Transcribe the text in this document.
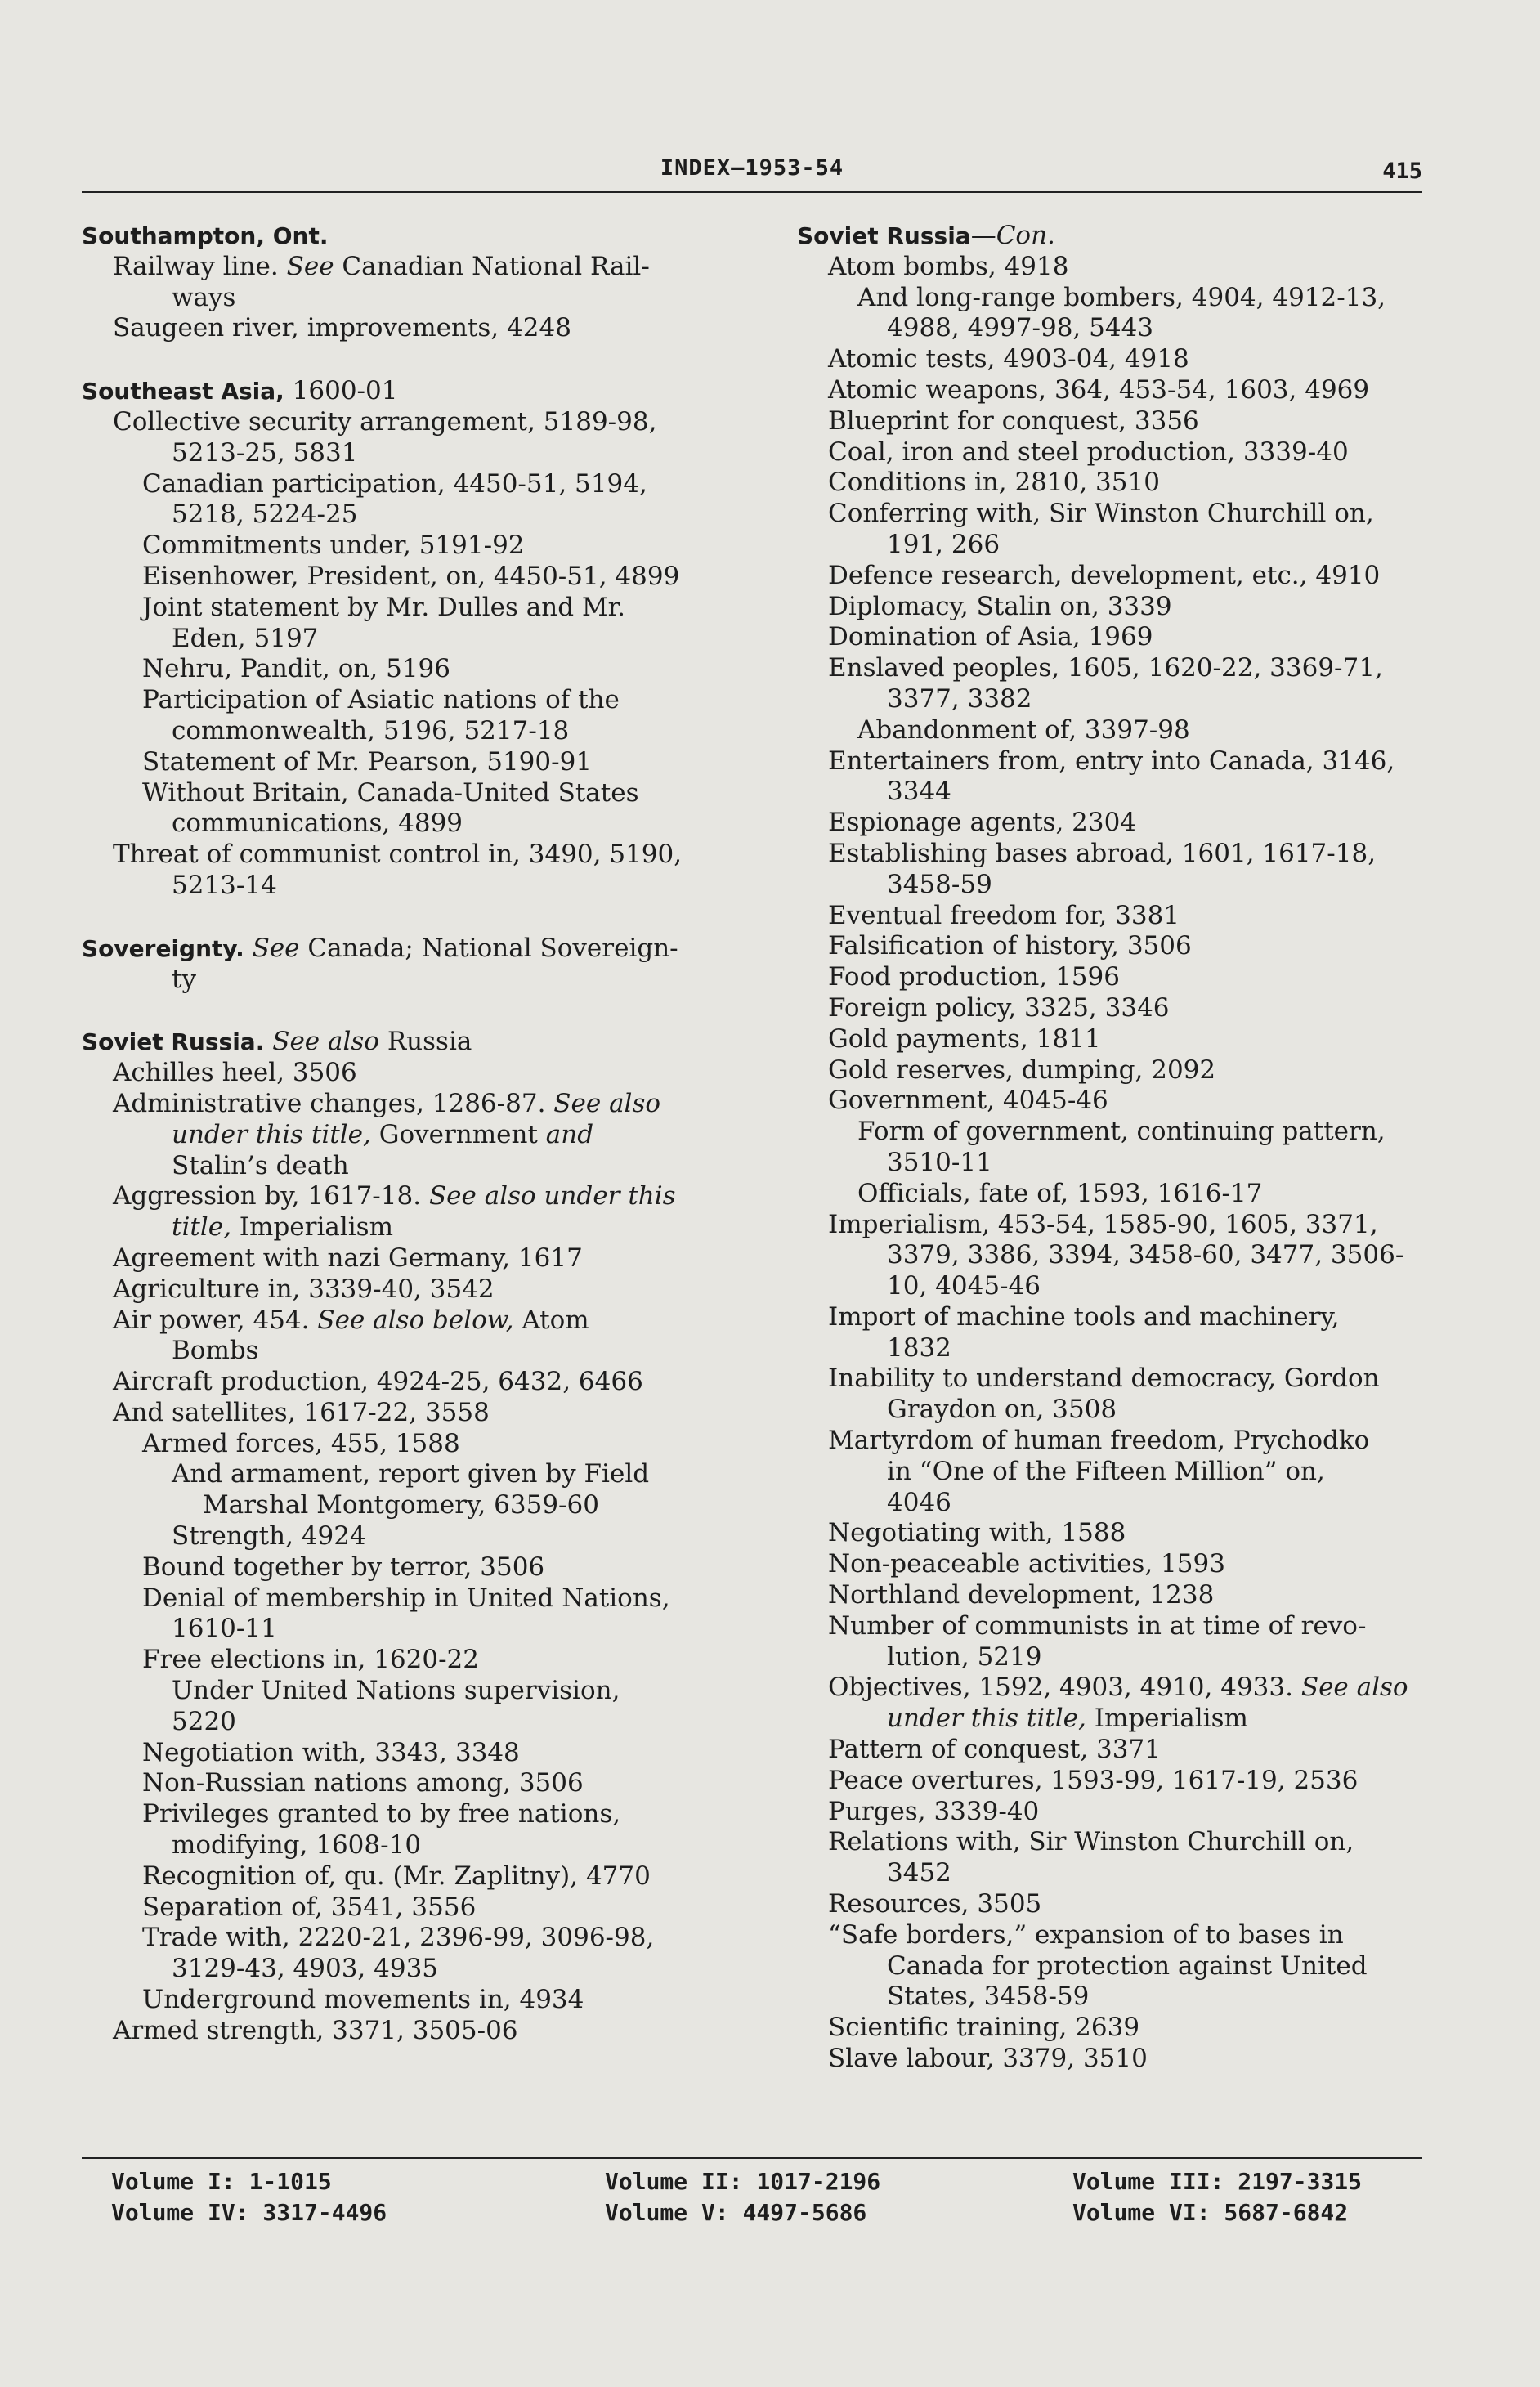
INDEX—1953-54	415
Southampton, Ont.
Railway line. See Canadian National Rail-
ways
Saugeen river, improvements, 4248
Southeast Asia, 1600-01
Collective security arrangement, 5189-98,
5213-25, 5831
Canadian participation, 4450-51, 5194,
5218, 5224-25
Commitments under, 5191-92
Eisenhower, President, on, 4450-51, 4899
Joint statement by Mr. Dulles and Mr.
Eden, 5197
Nehru, Pandit, on, 5196
Participation of Asiatic nations of the
commonwealth, 5196, 5217-18
Statement of Mr. Pearson, 5190-91
Without Britain, Canada-United States
communications, 4899
Threat of communist control in, 3490, 5190,
5213-14
Sovereignty. See Canada; National Sovereign-
ty
Soviet Russia. See also Russia
Achilles heel, 3506
Administrative changes, 1286-87. See also
under this title, Government and
Stalin’s death
Aggression by, 1617-18. See also under this
title, Imperialism
Agreement with nazi Germany, 1617
Agriculture in, 3339-40, 3542
Air power, 454. See also below, Atom
Bombs
Aircraft production, 4924-25, 6432, 6466
And satellites, 1617-22, 3558
Armed forces, 455, 1588
And armament, report given by Field
Marshal Montgomery, 6359-60
Strength, 4924
Bound together by terror, 3506
Denial of membership in United Nations,
1610-11
Free elections in, 1620-22
Under United Nations supervision,
5220
Negotiation with, 3343, 3348
Non-Russian nations among, 3506
Privileges granted to by free nations,
modifying, 1608-10
Recognition of, qu. (Mr. Zaplitny), 4770
Separation of, 3541, 3556
Trade with, 2220-21, 2396-99, 3096-98,
3129-43, 4903, 4935
Underground movements in, 4934
Armed strength, 3371, 3505-06
Soviet Russia—Con.
Atom bombs, 4918
And long-range bombers, 4904, 4912-13,
4988, 4997-98, 5443
Atomic tests, 4903-04, 4918
Atomic weapons, 364, 453-54, 1603, 4969
Blueprint for conquest, 3356
Coal, iron and steel production, 3339-40
Conditions in, 2810, 3510
Conferring with, Sir Winston Churchill on,
191, 266
Defence research, development, etc., 4910
Diplomacy, Stalin on, 3339
Domination of Asia, 1969
Enslaved peoples, 1605, 1620-22, 3369-71,
3377, 3382
Abandonment of, 3397-98
Entertainers from, entry into Canada, 3146,
3344
Espionage agents, 2304
Establishing bases abroad, 1601, 1617-18,
3458-59
Eventual freedom for, 3381
Falsification of history, 3506
Food production, 1596
Foreign policy, 3325, 3346
Gold payments, 1811
Gold reserves, dumping, 2092
Government, 4045-46
Form of government, continuing pattern,
3510-11
Officials, fate of, 1593, 1616-17
Imperialism, 453-54, 1585-90, 1605, 3371,
3379, 3386, 3394, 3458-60, 3477, 3506-
10, 4045-46
Import of machine tools and machinery,
1832
Inability to understand democracy, Gordon
Graydon on, 3508
Martyrdom of human freedom, Prychodko
in “One of the Fifteen Million” on,
4046
Negotiating with, 1588
Non-peaceable activities, 1593
Northland development, 1238
Number of communists in at time of revo-
lution, 5219
Objectives, 1592, 4903, 4910, 4933. See also
under this title, Imperialism
Pattern of conquest, 3371
Peace overtures, 1593-99, 1617-19, 2536
Purges, 3339-40
Relations with, Sir Winston Churchill on,
3452
Resources, 3505
“Safe borders,” expansion of to bases in
Canada for protection against United
States, 3458-59
Scientific training, 2639
Slave labour, 3379, 3510
Volume I: 1-1015
Volume IV: 3317-4496
Volume II: 1017-2196
Volume V: 4497-5686
Volume III: 2197-3315
Volume VI: 5687-6842
